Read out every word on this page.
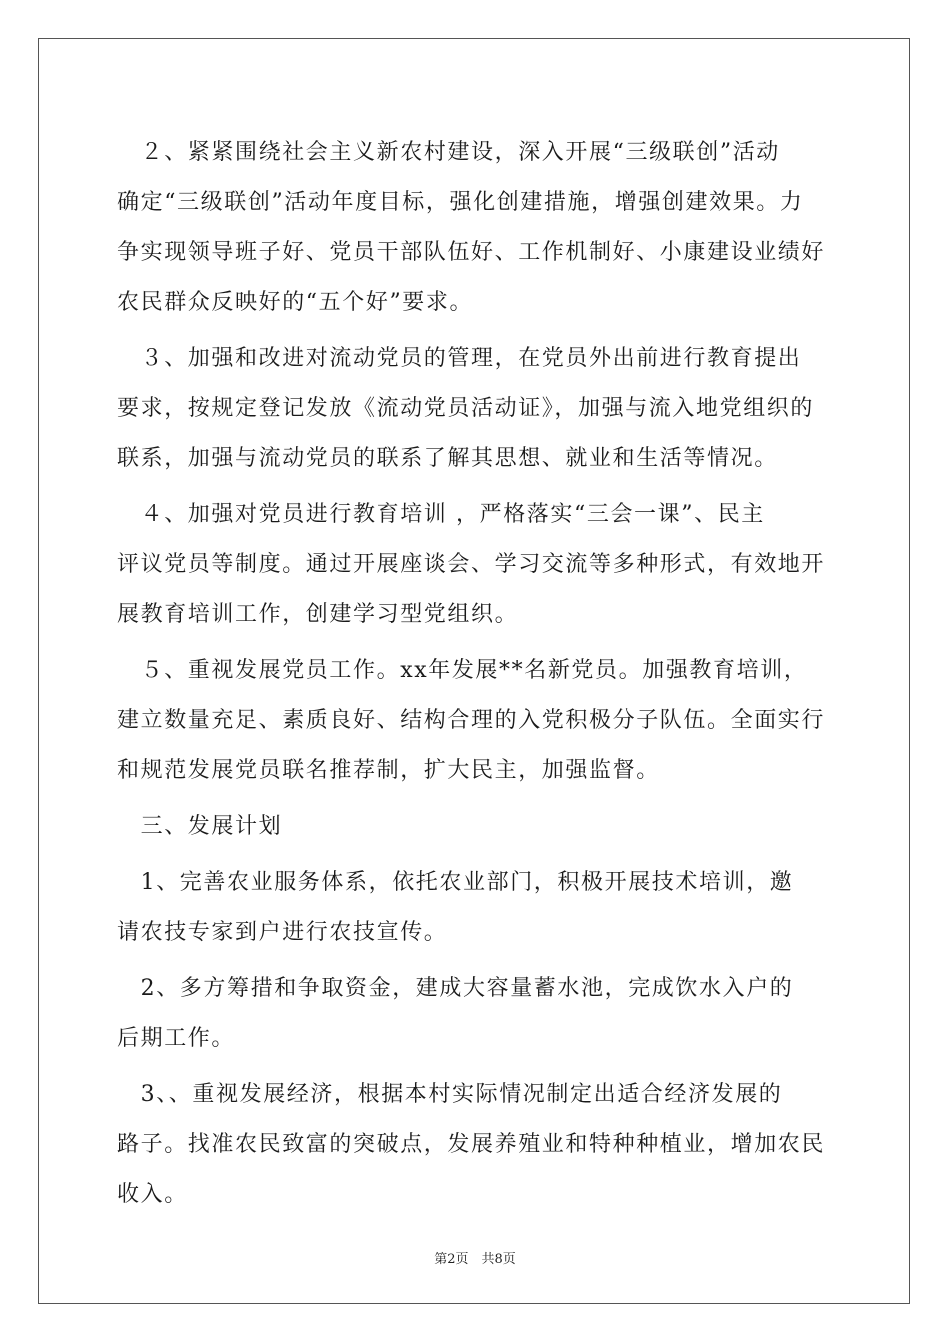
　２、紧紧围绕社会主义新农村建设，深入开展“三级联创”活动
确定“三级联创”活动年度目标，强化创建措施，增强创建效果。力
争实现领导班子好、党员干部队伍好、工作机制好、小康建设业绩好
农民群众反映好的“五个好”要求。
　３、加强和改进对流动党员的管理，在党员外出前进行教育提出
要求，按规定登记发放《流动党员活动证》，加强与流入地党组织的
联系，加强与流动党员的联系了解其思想、就业和生活等情况。
　４、加强对党员进行教育培训 ，严格落实“三会一课”、民主
评议党员等制度。通过开展座谈会、学习交流等多种形式，有效地开
展教育培训工作，创建学习型党组织。
　５、重视发展党员工作。xx年发展**名新党员。加强教育培训，
建立数量充足、素质良好、结构合理的入党积极分子队伍。全面实行
和规范发展党员联名推荐制，扩大民主，加强监督。
　三、发展计划
　1、完善农业服务体系，依托农业部门，积极开展技术培训，邀
请农技专家到户进行农技宣传。
　2、多方筹措和争取资金，建成大容量蓄水池，完成饮水入户的
后期工作。
　3、、重视发展经济，根据本村实际情况制定出适合经济发展的
路子。找准农民致富的突破点，发展养殖业和特种种植业，增加农民
收入。
第2页　共8页
